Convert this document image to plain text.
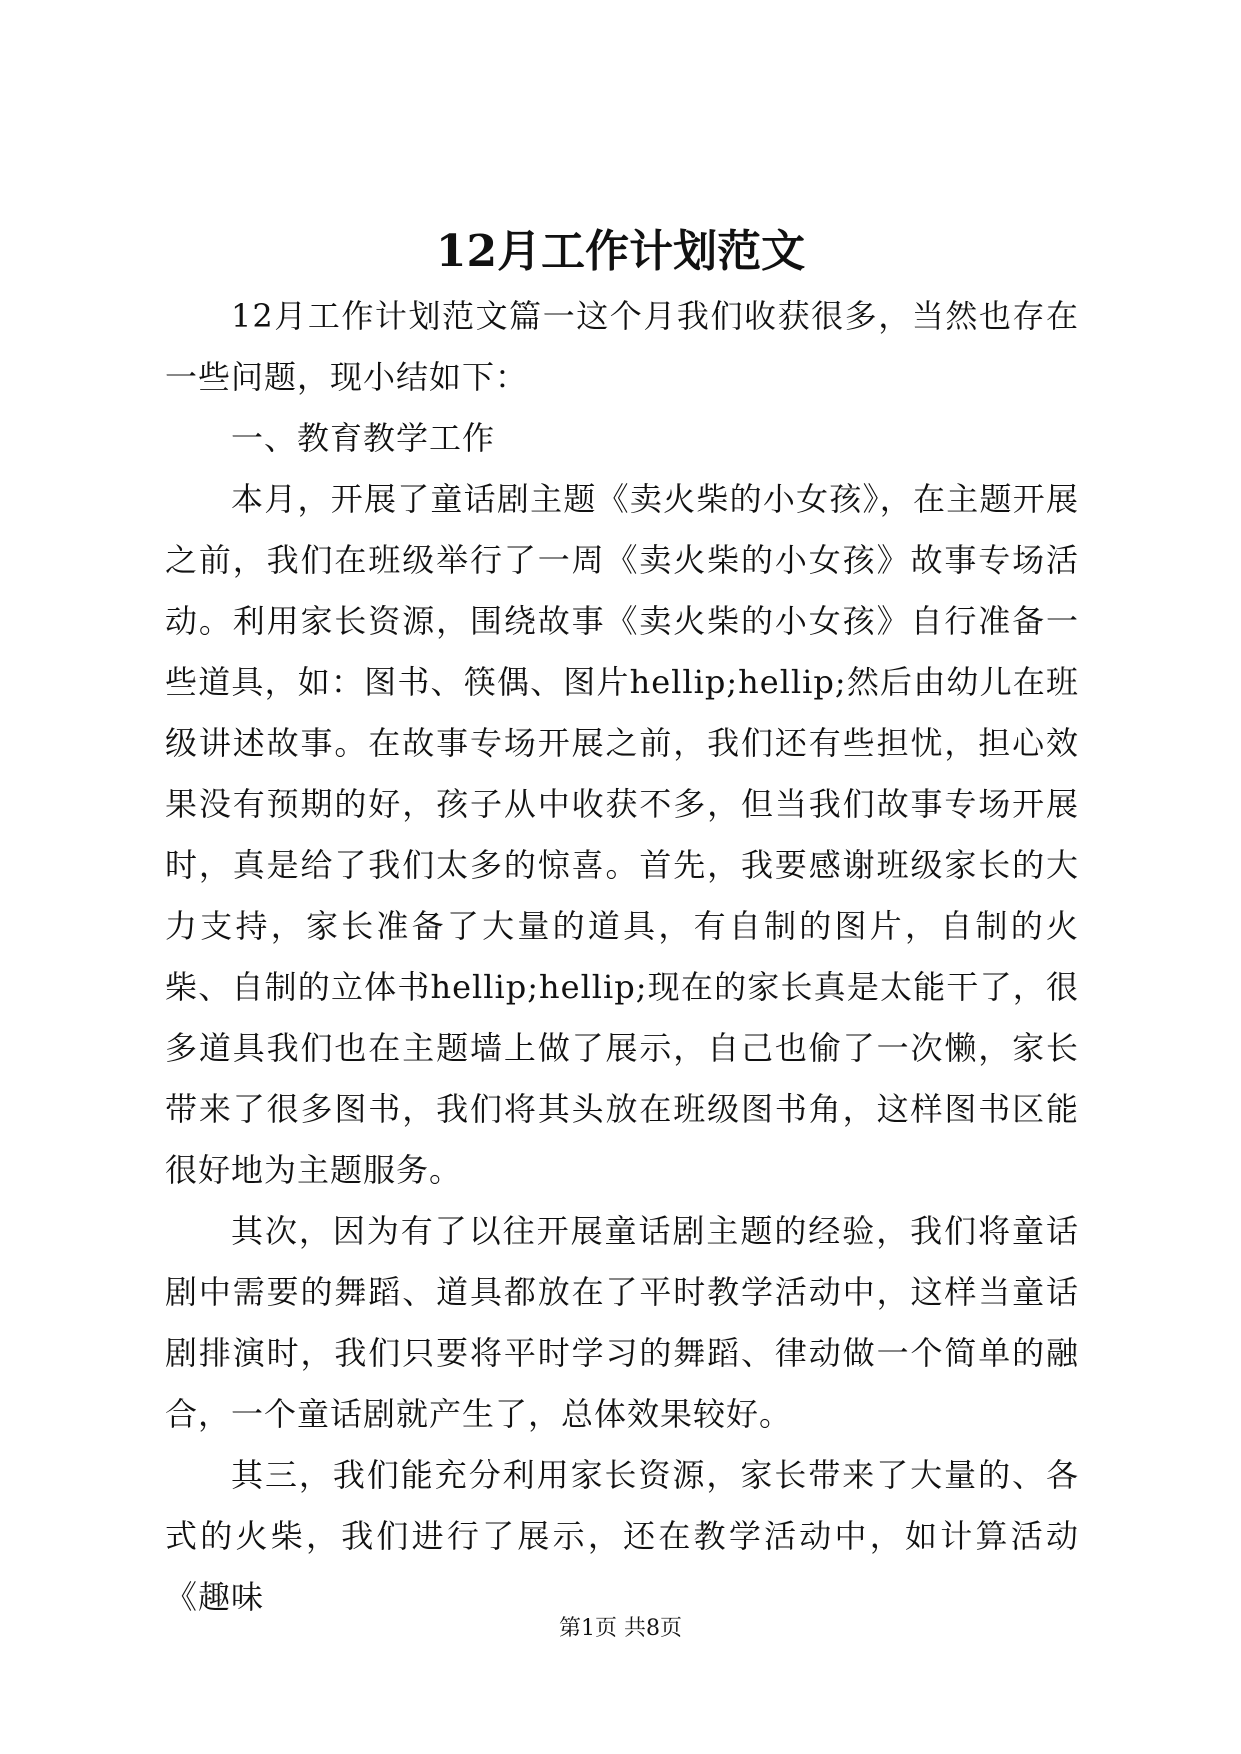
12月工作计划范文

12月工作计划范文篇一这个月我们收获很多，当然也存在一些问题，现小结如下：

一、教育教学工作

本月，开展了童话剧主题《卖火柴的小女孩》，在主题开展之前，我们在班级举行了一周《卖火柴的小女孩》故事专场活动。利用家长资源，围绕故事《卖火柴的小女孩》自行准备一些道具，如：图书、筷偶、图片hellip;hellip;然后由幼儿在班级讲述故事。在故事专场开展之前，我们还有些担忧，担心效果没有预期的好，孩子从中收获不多，但当我们故事专场开展时，真是给了我们太多的惊喜。首先，我要感谢班级家长的大力支持，家长准备了大量的道具，有自制的图片，自制的火柴、自制的立体书hellip;hellip;现在的家长真是太能干了，很多道具我们也在主题墙上做了展示，自己也偷了一次懒，家长带来了很多图书，我们将其头放在班级图书角，这样图书区能很好地为主题服务。

其次，因为有了以往开展童话剧主题的经验，我们将童话剧中需要的舞蹈、道具都放在了平时教学活动中，这样当童话剧排演时，我们只要将平时学习的舞蹈、律动做一个简单的融合，一个童话剧就产生了，总体效果较好。

其三，我们能充分利用家长资源，家长带来了大量的、各式的火柴，我们进行了展示，还在教学活动中，如计算活动《趣味

第1页 共8页
